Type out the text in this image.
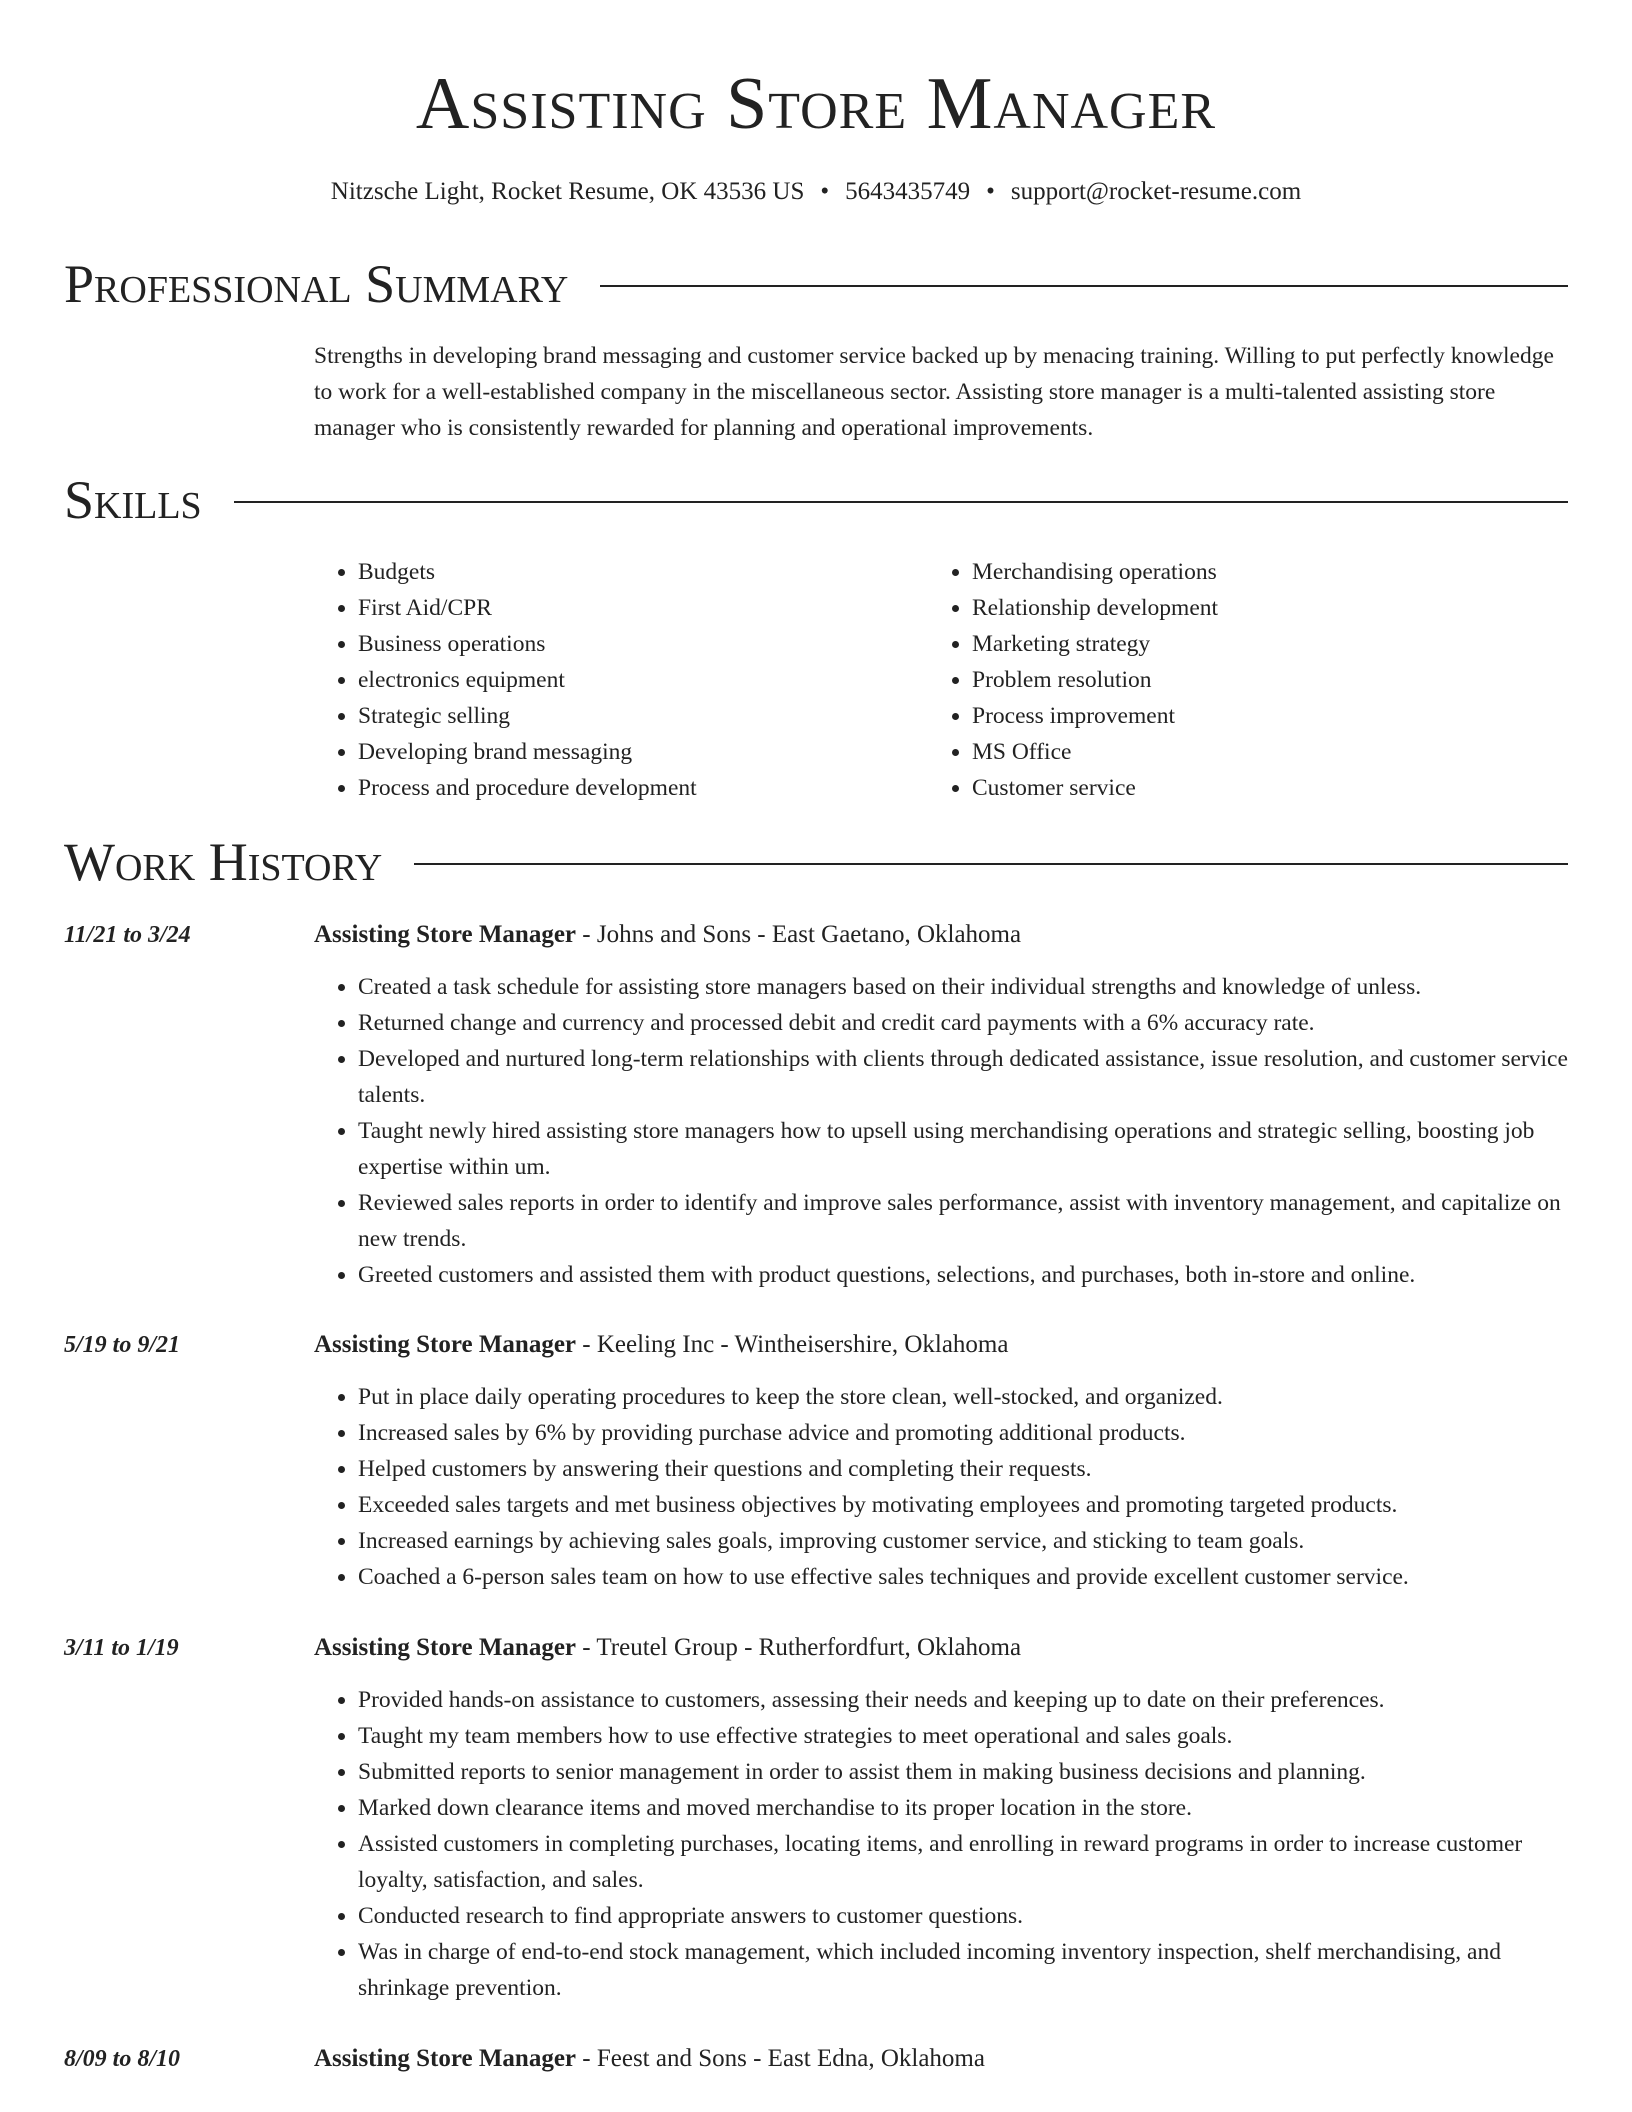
Assisting Store Manager
Nitzsche Light, Rocket Resume, OK 43536 US • 5643435749 • support@rocket-resume.com
Professional Summary

Strengths in developing brand messaging and customer service backed up by menacing training. Willing to put perfectly knowledge to work for a well-established company in the miscellaneous sector. Assisting store manager is a multi-talented assisting store manager who is consistently rewarded for planning and operational improvements.

Skills
• Budgets
• First Aid/CPR
• Business operations
• electronics equipment
• Strategic selling
• Developing brand messaging
• Process and procedure development
• Merchandising operations
• Relationship development
• Marketing strategy
• Problem resolution
• Process improvement
• MS Office
• Customer service
Work History
11/21 to 3/24	Assisting Store Manager - Johns and Sons - East Gaetano, Oklahoma
• Created a task schedule for assisting store managers based on their individual strengths and knowledge of unless.
• Returned change and currency and processed debit and credit card payments with a 6% accuracy rate.
• Developed and nurtured long-term relationships with clients through dedicated assistance, issue resolution, and customer service talents.
• Taught newly hired assisting store managers how to upsell using merchandising operations and strategic selling, boosting job expertise within um.
• Reviewed sales reports in order to identify and improve sales performance, assist with inventory management, and capitalize on new trends.
• Greeted customers and assisted them with product questions, selections, and purchases, both in-store and online.
5/19 to 9/21	Assisting Store Manager - Keeling Inc - Wintheisershire, Oklahoma
• Put in place daily operating procedures to keep the store clean, well-stocked, and organized.
• Increased sales by 6% by providing purchase advice and promoting additional products.
• Helped customers by answering their questions and completing their requests.
• Exceeded sales targets and met business objectives by motivating employees and promoting targeted products.
• Increased earnings by achieving sales goals, improving customer service, and sticking to team goals.
• Coached a 6-person sales team on how to use effective sales techniques and provide excellent customer service.
3/11 to 1/19	Assisting Store Manager - Treutel Group - Rutherfordfurt, Oklahoma
• Provided hands-on assistance to customers, assessing their needs and keeping up to date on their preferences.
• Taught my team members how to use effective strategies to meet operational and sales goals.
• Submitted reports to senior management in order to assist them in making business decisions and planning.
• Marked down clearance items and moved merchandise to its proper location in the store.
• Assisted customers in completing purchases, locating items, and enrolling in reward programs in order to increase customer loyalty, satisfaction, and sales.
• Conducted research to find appropriate answers to customer questions.
• Was in charge of end-to-end stock management, which included incoming inventory inspection, shelf merchandising, and shrinkage prevention.
8/09 to 8/10	Assisting Store Manager - Feest and Sons - East Edna, Oklahoma
